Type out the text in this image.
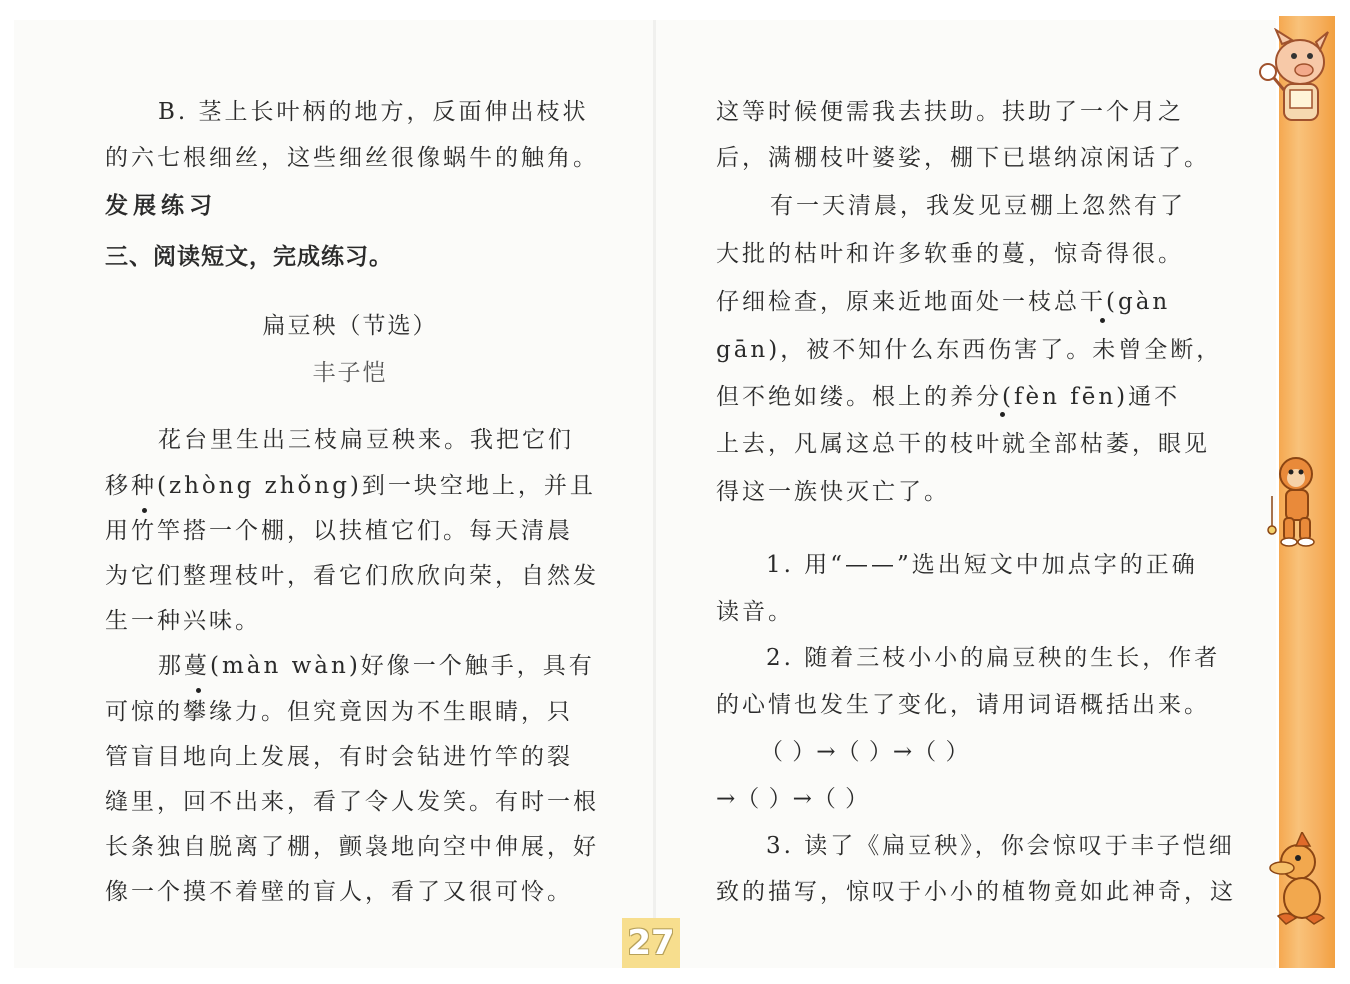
B. 茎上长叶柄的地方，反面伸出枝状
的六七根细丝，这些细丝很像蜗牛的触角。
发展练习
三、阅读短文，完成练习。
扁豆秧（节选）
丰子恺
花台里生出三枝扁豆秧来。我把它们
移种(zhòng zhǒng)到一块空地上，并且
用竹竿搭一个棚，以扶植它们。每天清晨
为它们整理枝叶，看它们欣欣向荣，自然发
生一种兴味。
那蔓(màn wàn)好像一个触手，具有
可惊的攀缘力。但究竟因为不生眼睛，只
管盲目地向上发展，有时会钻进竹竿的裂
缝里，回不出来，看了令人发笑。有时一根
长条独自脱离了棚，颤袅地向空中伸展，好
像一个摸不着壁的盲人，看了又很可怜。
这等时候便需我去扶助。扶助了一个月之
后，满棚枝叶婆娑，棚下已堪纳凉闲话了。
有一天清晨，我发见豆棚上忽然有了
大批的枯叶和许多软垂的蔓，惊奇得很。
仔细检查，原来近地面处一枝总干(gàn
gān)，被不知什么东西伤害了。未曾全断，
但不绝如缕。根上的养分(fèn fēn)通不
上去，凡属这总干的枝叶就全部枯萎，眼见
得这一族快灭亡了。
1. 用“——”选出短文中加点字的正确
读音。
2. 随着三枝小小的扁豆秧的生长，作者
的心情也发生了变化，请用词语概括出来。
（ ）→（ ）→（ ）
→（ ）→（ ）
3. 读了《扁豆秧》，你会惊叹于丰子恺细
致的描写，惊叹于小小的植物竟如此神奇，这
27
